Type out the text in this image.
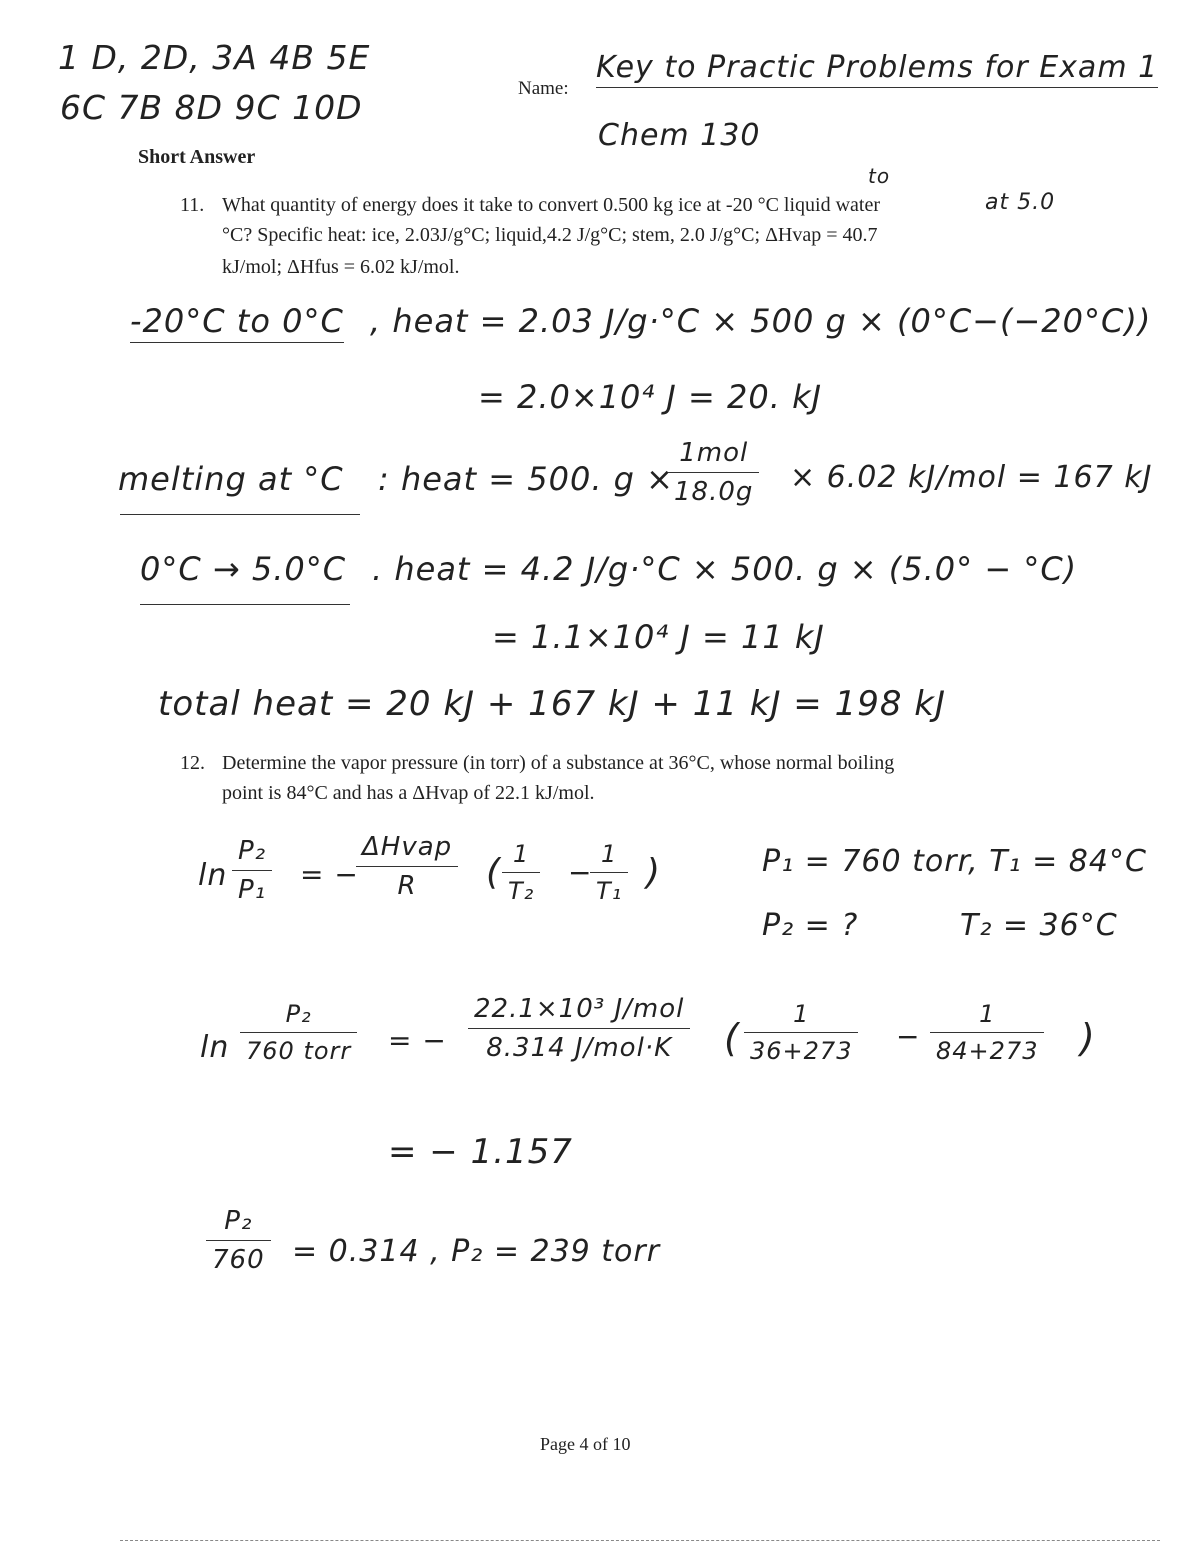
1 D, 2D, 3A 4B 5E
6C 7B 8D 9C 10D	Name:
Key to Practic Problems for Exam 1
Chem 130
Short Answer
11. What quantity of energy does it take to convert 0.500 kg ice at -20 °C liquid water
to
at 5.0
°C? Specific heat: ice, 2.03J/g°C; liquid,4.2 J/g°C; stem, 2.0 J/g°C; ΔHvap = 40.7
kJ/mol; ΔHfus = 6.02 kJ/mol.
-20°C to 0°C , heat = 2.03 J/g·°C × 500 g × (0°C−(−20°C))
= 2.0×10⁴ J = 20. kJ
melting at °C : heat = 500. g ×
1mol
18.0g × 6.02 kJ/mol = 167 kJ
0°C → 5.0°C . heat = 4.2 J/g·°C × 500. g × (5.0° − °C)
= 1.1×10⁴ J = 11 kJ
total heat = 20 kJ + 167 kJ + 11 kJ = 198 kJ
12. Determine the vapor pressure (in torr) of a substance at 36°C, whose normal boiling
point is 84°C and has a ΔHvap of 22.1 kJ/mol.
$\ln \frac{\text{P₂}}{\text{P₁}}$ = −
ΔHvap
R	( $\frac{1}{\text{T₂}}$ −
$\frac{1}{\text{T₁}}$ )	P₁ = 760 torr, T₁ = 84°C
P₂ = ?	T₂ = 36°C
ln
P₂
760 torr = −
22.1×10³ J/mol
8.314 J/mol·K	( $\frac{1}{36+273} - \frac{1}{84+273}$ )
= − 1.157
$\frac{\text{P₂}}{760} = 0.314$ , P₂ = 239 torr
Page 4 of 10
